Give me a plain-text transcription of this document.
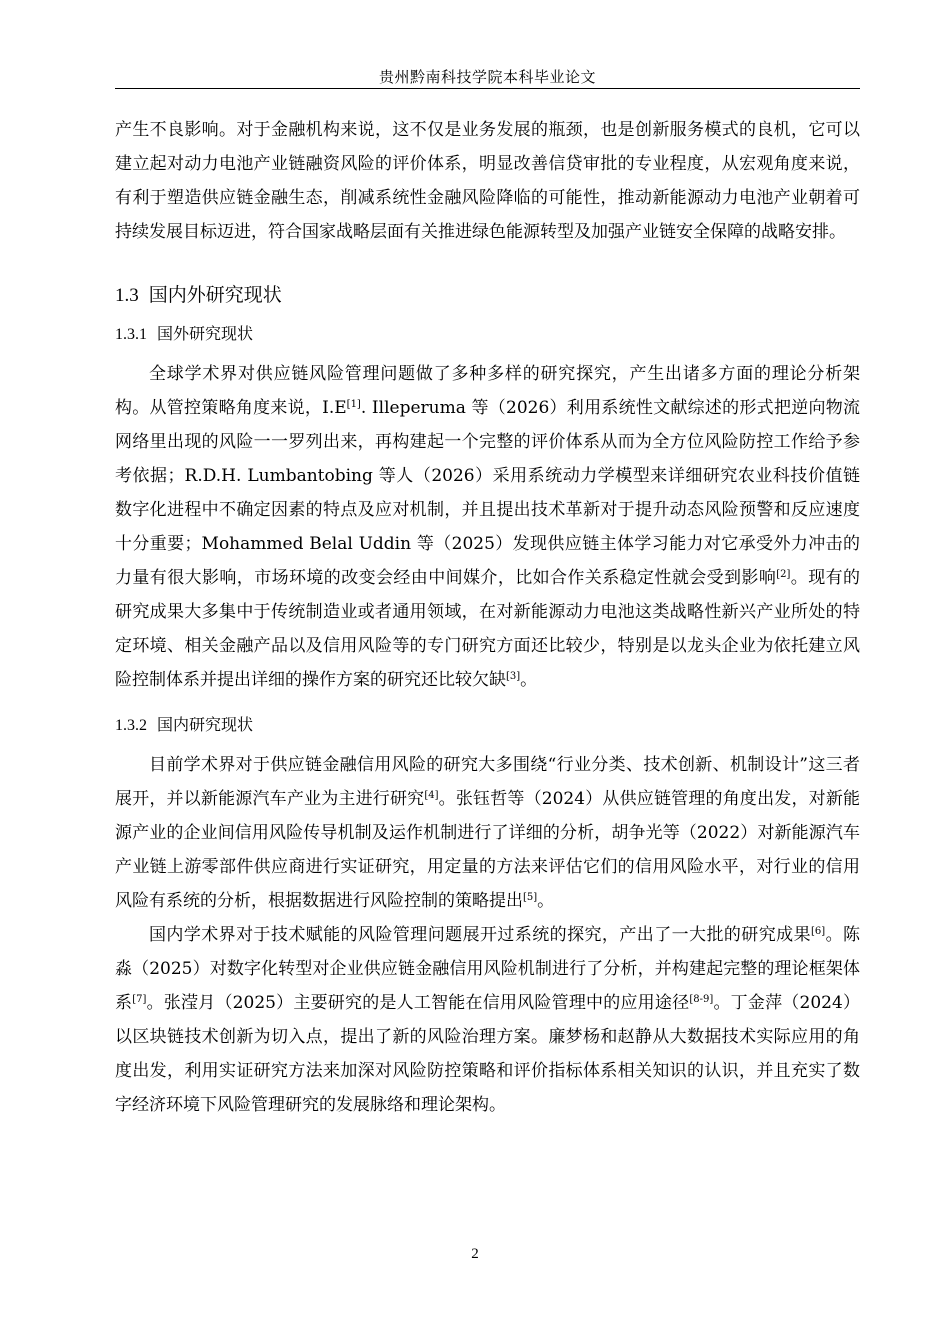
贵州黔南科技学院本科毕业论文

产生不良影响。对于金融机构来说，这不仅是业务发展的瓶颈，也是创新服务模式的良机，它可以建立起对动力电池产业链融资风险的评价体系，明显改善信贷审批的专业程度，从宏观角度来说，有利于塑造供应链金融生态，削减系统性金融风险降临的可能性，推动新能源动力电池产业朝着可持续发展目标迈进，符合国家战略层面有关推进绿色能源转型及加强产业链安全保障的战略安排。

1.3 国内外研究现状
1.3.1 国外研究现状

全球学术界对供应链风险管理问题做了多种多样的研究探究，产生出诸多方面的理论分析架构。从管控策略角度来说，I.E[1]. Illeperuma 等（2026）利用系统性文献综述的形式把逆向物流网络里出现的风险一一罗列出来，再构建起一个完整的评价体系从而为全方位风险防控工作给予参考依据；R.D.H. Lumbantobing 等人（2026）采用系统动力学模型来详细研究农业科技价值链数字化进程中不确定因素的特点及应对机制，并且提出技术革新对于提升动态风险预警和反应速度十分重要；Mohammed Belal Uddin 等（2025）发现供应链主体学习能力对它承受外力冲击的力量有很大影响，市场环境的改变会经由中间媒介，比如合作关系稳定性就会受到影响[2]。现有的研究成果大多集中于传统制造业或者通用领域，在对新能源动力电池这类战略性新兴产业所处的特定环境、相关金融产品以及信用风险等的专门研究方面还比较少，特别是以龙头企业为依托建立风险控制体系并提出详细的操作方案的研究还比较欠缺[3]。

1.3.2 国内研究现状

目前学术界对于供应链金融信用风险的研究大多围绕“行业分类、技术创新、机制设计”这三者展开，并以新能源汽车产业为主进行研究[4]。张钰哲等（2024）从供应链管理的角度出发，对新能源产业的企业间信用风险传导机制及运作机制进行了详细的分析，胡争光等（2022）对新能源汽车产业链上游零部件供应商进行实证研究，用定量的方法来评估它们的信用风险水平，对行业的信用风险有系统的分析，根据数据进行风险控制的策略提出[5]。

国内学术界对于技术赋能的风险管理问题展开过系统的探究，产出了一大批的研究成果[6]。陈淼（2025）对数字化转型对企业供应链金融信用风险机制进行了分析，并构建起完整的理论框架体系[7]。张滢月（2025）主要研究的是人工智能在信用风险管理中的应用途径[8-9]。丁金萍（2024）以区块链技术创新为切入点，提出了新的风险治理方案。廉梦杨和赵静从大数据技术实际应用的角度出发，利用实证研究方法来加深对风险防控策略和评价指标体系相关知识的认识，并且充实了数字经济环境下风险管理研究的发展脉络和理论架构。

2
